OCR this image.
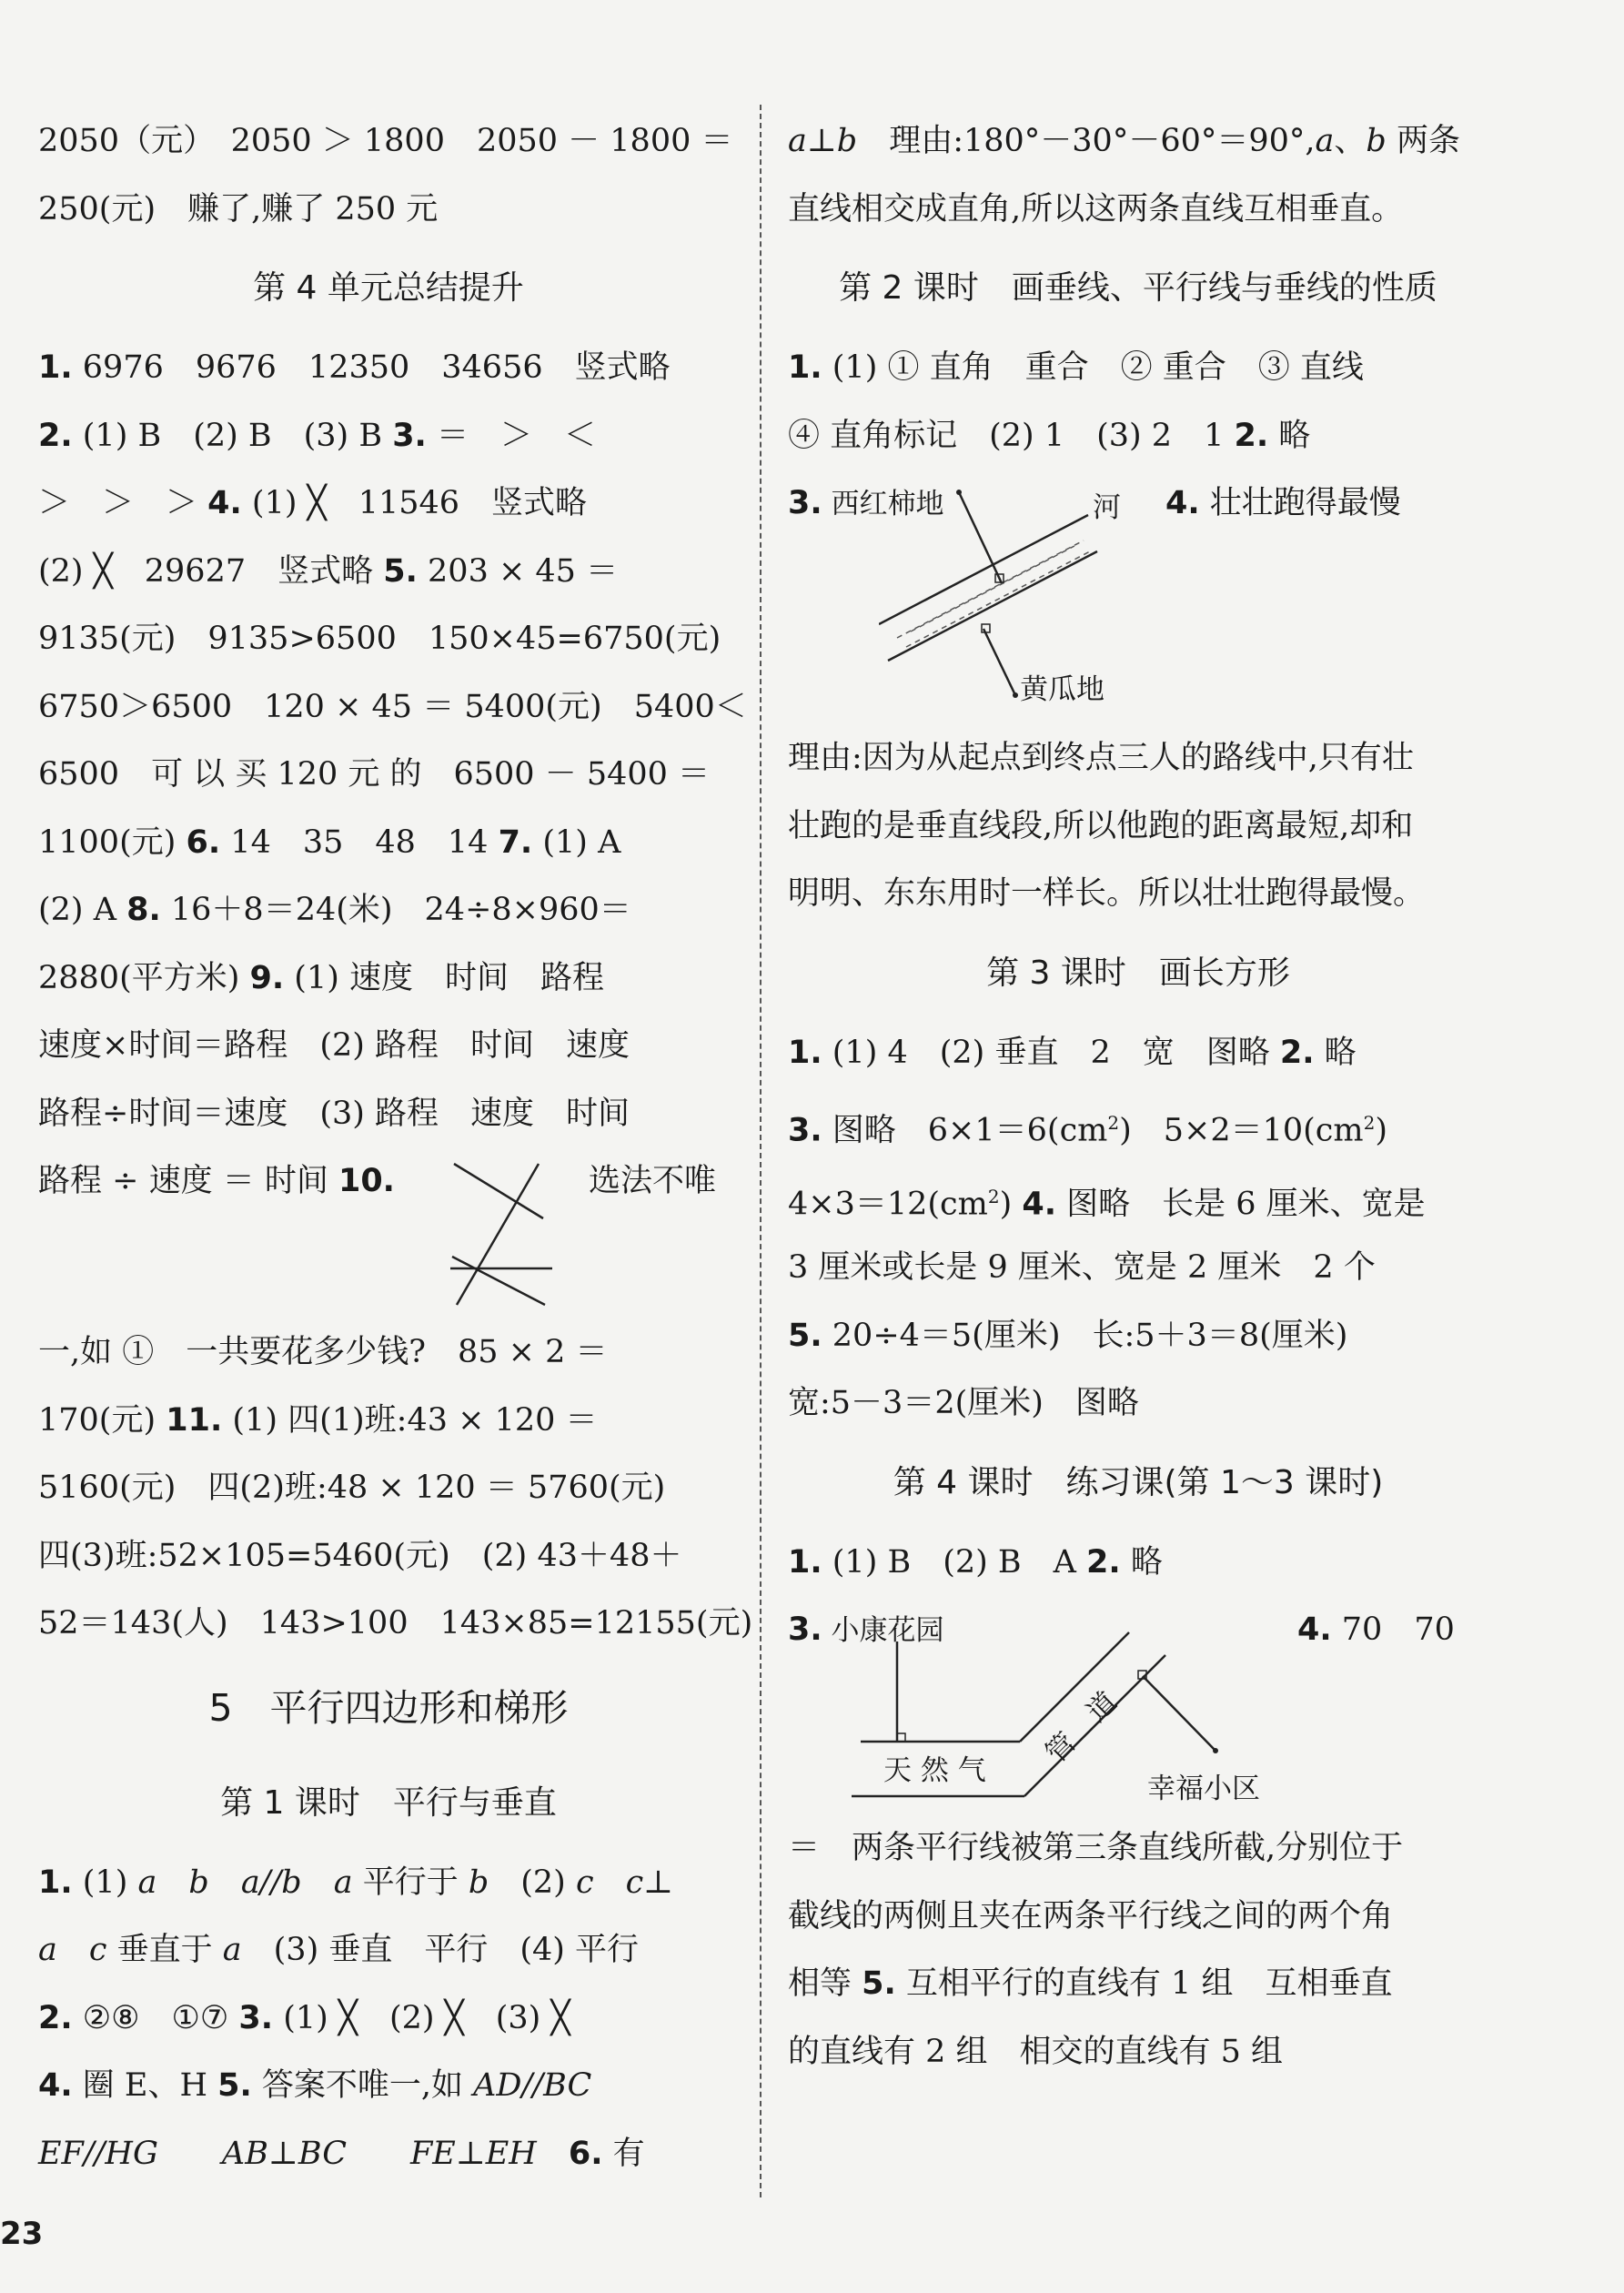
2050（元）　2050 ＞ 1800　2050 － 1800 ＝
250(元)　赚了,赚了 250 元
第 4 单元总结提升
1. 6976　9676　12350　34656　竖式略
2. (1) B　(2) B　(3) B 3. ＝　＞　＜
＞　＞　＞ 4. (1) ╳　11546　竖式略
(2) ╳　29627　竖式略 5. 203 × 45 ＝
9135(元)　9135>6500　150×45=6750(元)
6750＞6500　120 × 45 ＝ 5400(元)　5400＜
6500　可 以 买 120 元 的　6500 － 5400 ＝
1100(元) 6. 14　35　48　14 7. (1) A
(2) A 8. 16＋8＝24(米)　24÷8×960＝
2880(平方米) 9. (1) 速度　时间　路程
速度×时间＝路程　(2) 路程　时间　速度
路程÷时间＝速度　(3) 路程　速度　时间
路程 ÷ 速度 ＝ 时间 10.	选法不唯
一,如 ①　一共要花多少钱?　85 × 2 ＝
170(元) 11. (1) 四(1)班:43 × 120 ＝
5160(元)　四(2)班:48 × 120 ＝ 5760(元)
四(3)班:52×105=5460(元)　(2) 43＋48＋
52＝143(人)　143>100　143×85=12155(元)
5　平行四边形和梯形
第 1 课时　平行与垂直
1. (1) a　 b　 a//b　 a 平行于 b　(2) c　 c⊥
a　 c 垂直于 a　(3) 垂直　平行　(4) 平行
2. ②⑧　①⑦ 3. (1) ╳　(2) ╳　(3) ╳
4. 圈 E、H 5. 答案不唯一,如 AD//BC
EF//HG　　 AB⊥BC　　 FE⊥EH　 6. 有
a⊥b　理由:180°－30°－60°＝90°,a、b 两条
直线相交成直角,所以这两条直线互相垂直。
第 2 课时　画垂线、平行线与垂线的性质
1. (1) ① 直角　重合　② 重合　③ 直线
④ 直角标记　(2) 1　(3) 2　1 2. 略
3. 西红柿地	4. 壮壮跑得最慢
河
黄瓜地
理由:因为从起点到终点三人的路线中,只有壮
壮跑的是垂直线段,所以他跑的距离最短,却和
明明、东东用时一样长。所以壮壮跑得最慢。
第 3 课时　画长方形
1. (1) 4　(2) 垂直　2　宽　图略 2. 略
3. 图略　$6\times 1=6(cm^2)$　$5\times 2=10(cm^2)$
$4\times 3=12(cm^2)$ 4. 图略　长是 6 厘米、宽是
3 厘米或长是 9 厘米、宽是 2 厘米　2 个
5. 20÷4＝5(厘米)　长:5＋3＝8(厘米)
宽:5－3＝2(厘米)　图略
第 4 课时　练习课(第 1～3 课时)
1. (1) B　(2) B　A 2. 略
3. 小康花园	4. 70　70
天 然 气
管
道
幸福小区
＝　两条平行线被第三条直线所截,分别位于
截线的两侧且夹在两条平行线之间的两个角
相等 5. 互相平行的直线有 1 组　互相垂直
的直线有 2 组　相交的直线有 5 组
23
